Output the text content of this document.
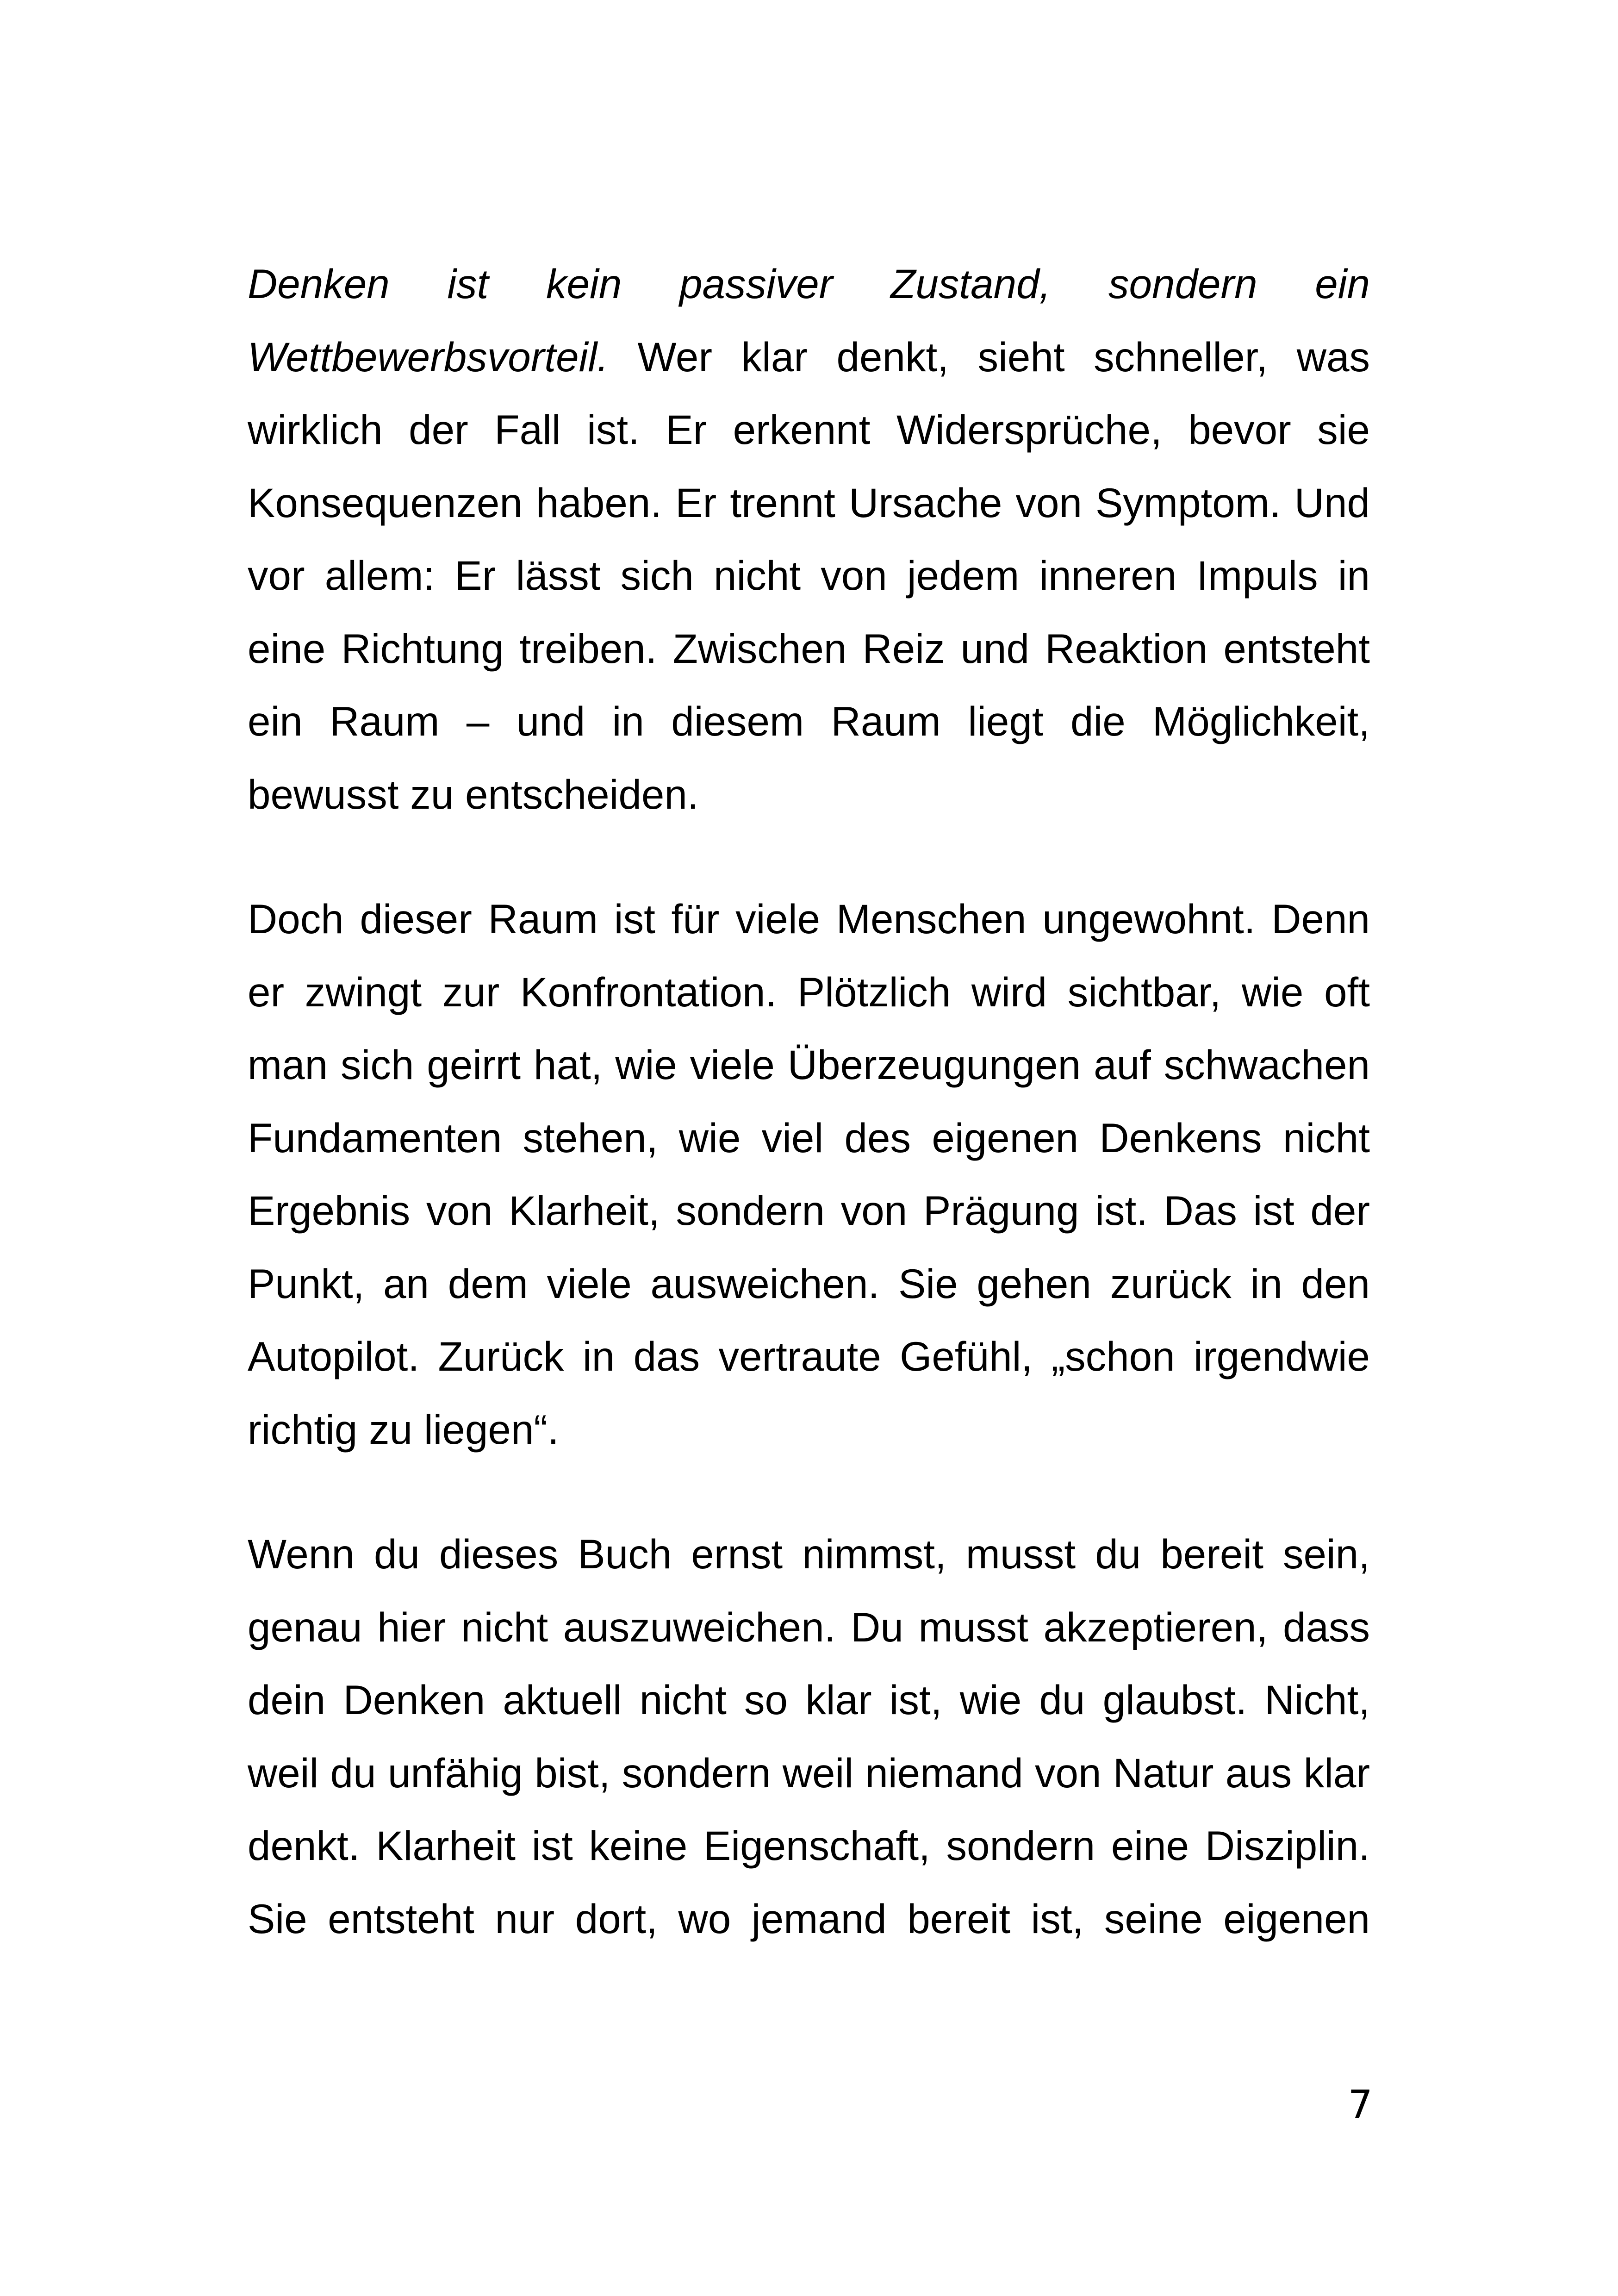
Denken ist kein passiver Zustand, sondern ein Wettbewerbsvorteil. Wer klar denkt, sieht schneller, was wirklich der Fall ist. Er erkennt Widersprüche, bevor sie Konsequenzen haben. Er trennt Ursache von Symptom. Und vor allem: Er lässt sich nicht von jedem inneren Impuls in eine Richtung treiben. Zwischen Reiz und Reaktion entsteht ein Raum – und in diesem Raum liegt die Möglichkeit, bewusst zu entscheiden.

Doch dieser Raum ist für viele Menschen ungewohnt. Denn er zwingt zur Konfrontation. Plötzlich wird sichtbar, wie oft man sich geirrt hat, wie viele Überzeugungen auf schwachen Fundamenten stehen, wie viel des eigenen Denkens nicht Ergebnis von Klarheit, sondern von Prägung ist. Das ist der Punkt, an dem viele ausweichen. Sie gehen zurück in den Autopilot. Zurück in das vertraute Gefühl, „schon irgendwie richtig zu liegen“.

Wenn du dieses Buch ernst nimmst, musst du bereit sein, genau hier nicht auszuweichen. Du musst akzeptieren, dass dein Denken aktuell nicht so klar ist, wie du glaubst. Nicht, weil du unfähig bist, sondern weil niemand von Natur aus klar denkt. Klarheit ist keine Eigenschaft, sondern eine Disziplin. Sie entsteht nur dort, wo jemand bereit ist, seine eigenen

7
